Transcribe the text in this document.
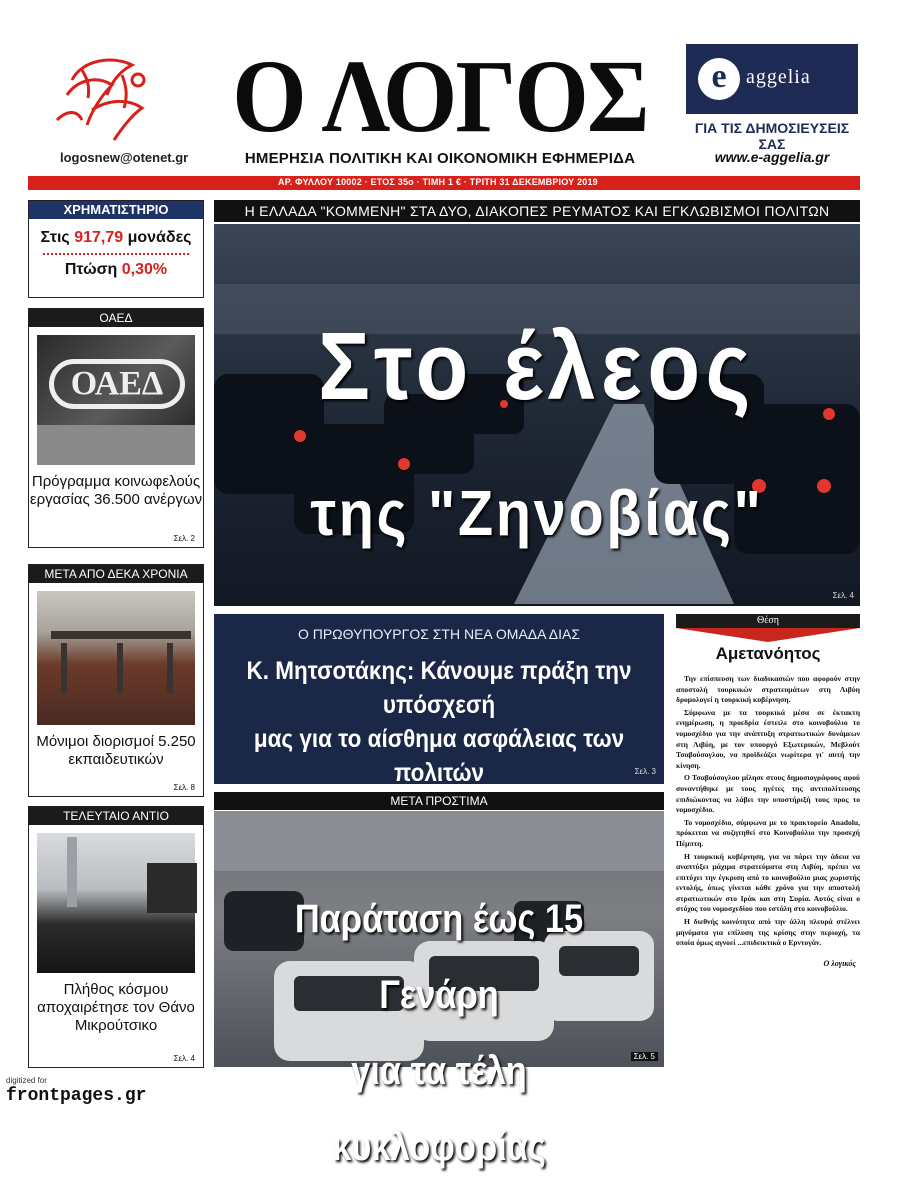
logosnew@otenet.gr
Ο ΛΟΓΟΣ
ΗΜΕΡΗΣΙΑ ΠΟΛΙΤΙΚΗ ΚΑΙ ΟΙΚΟΝΟΜΙΚΗ ΕΦΗΜΕΡΙΔΑ
e aggelia
ΓΙΑ ΤΙΣ ΔΗΜΟΣΙΕΥΣΕΙΣ ΣΑΣ
www.e-aggelia.gr
ΑΡ. ΦΥΛΛΟΥ 10002 · ΕΤΟΣ 35ο · ΤΙΜΗ 1 € · ΤΡΙΤΗ 31 ΔΕΚΕΜΒΡΙΟΥ 2019
ΧΡΗΜΑΤΙΣΤΗΡΙΟ
Στις 917,79 μονάδες
Πτώση 0,30%
ΟΑΕΔ
ΟΑΕΔ
Πρόγραμμα κοινωφελούς εργασίας 36.500 ανέργων
Σελ. 2
ΜΕΤΑ ΑΠΟ ΔΕΚΑ ΧΡΟΝΙΑ
Μόνιμοι διορισμοί 5.250 εκπαιδευτικών
Σελ. 8
ΤΕΛΕΥΤΑΙΟ ΑΝΤΙΟ
Πλήθος κόσμου αποχαιρέτησε τον Θάνο Μικρούτσικο
Σελ. 4
Η ΕΛΛΑΔΑ "ΚΟΜΜΕΝΗ" ΣΤΑ ΔΥΟ, ΔΙΑΚΟΠΕΣ ΡΕΥΜΑΤΟΣ ΚΑΙ ΕΓΚΛΩΒΙΣΜΟΙ ΠΟΛΙΤΩΝ
Στο έλεος
της "Ζηνοβίας"
Σελ. 4
Ο ΠΡΩΘΥΠΟΥΡΓΟΣ ΣΤΗ ΝΕΑ ΟΜΑΔΑ ΔΙΑΣ
Κ. Μητσοτάκης: Κάνουμε πράξη την υπόσχεσή
μας για το αίσθημα ασφάλειας των πολιτών	Σελ. 3
ΜΕΤΑ ΠΡΟΣΤΙΜΑ
Παράταση έως 15 Γενάρη
για τα τέλη κυκλοφορίας
Σελ. 5
Θέση
Αμετανόητος

Την επίσπευση των διαδικασιών που αφορούν στην αποστολή τουρκικών στρατευμάτων στη Λιβύη δρομολογεί η τουρκική κυβέρνηση.

Σύμφωνα με τα τουρκικά μέσα σε έκτακτη ενημέρωση, η προεδρία έστειλε στο κοινοβούλιο το νομοσχέδιο για την ανάπτυξη στρατιωτικών δυνάμεων στη Λιβύη, με τον υπουργό Εξωτερικών, Μεβλούτ Τσαβούσογλου, να προϊδεάζει νωρίτερα γι' αυτή την κίνηση.

Ο Τσαβούσογλου μίλησε στους δημοσιογράφους αφού συναντήθηκε με τους ηγέτες της αντιπολίτευσης επιδιώκοντας να λάβει την υποστήριξή τους προς το νομοσχέδιο.

Το νομοσχέδιο, σύμφωνα με το πρακτορείο Anadolu, πρόκειται να συζητηθεί στο Κοινοβούλιο την προσεχή Πέμπτη.

Η τουρκική κυβέρνηση, για να πάρει την άδεια να αναπτύξει μάχιμα στρατεύματα στη Λιβύη, πρέπει να επιτύχει την έγκριση από το κοινοβούλιο μιας χωριστής εντολής, όπως γίνεται κάθε χρόνο για την αποστολή στρατιωτικών στο Ιράκ και στη Συρία. Αυτός είναι ο στόχος του νομοσχεδίου που εστάλη στο κοινοβούλιο.

Η διεθνής κοινότητα από την άλλη πλευρά στέλνει μηνύματα για επίλυση της κρίσης στην περιοχή, τα οποία όμως αγνοεί ...επιδεικτικά ο Ερντογάν.

Ο λογικός
digitized for
frontpages.gr
